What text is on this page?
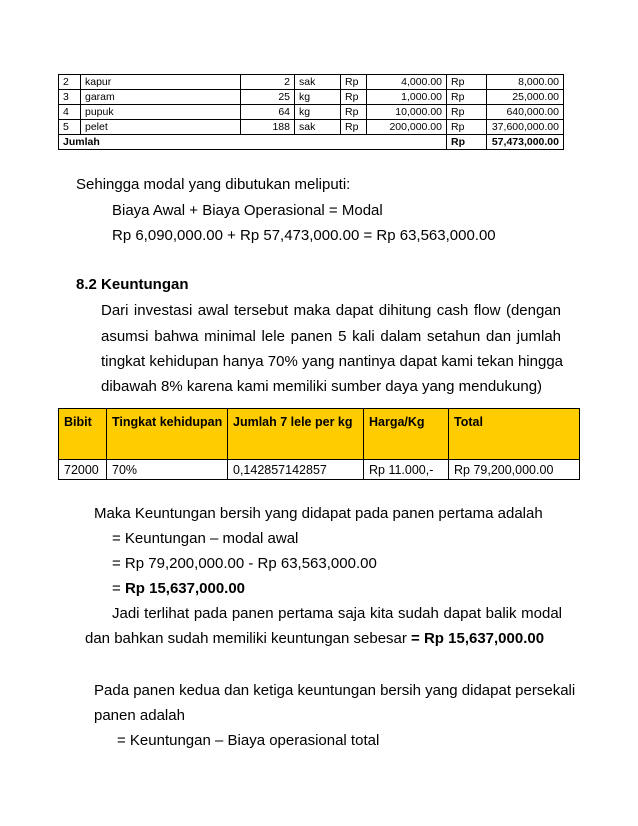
2	kapur	2	sak	Rp	4,000.00	Rp	8,000.00
3	garam	25	kg	Rp	1,000.00	Rp	25,000.00
4	pupuk	64	kg	Rp	10,000.00	Rp	640,000.00
5	pelet	188	sak	Rp	200,000.00	Rp	37,600,000.00
Jumlah						Rp	57,473,000.00
Sehingga modal yang dibutukan meliputi:
Biaya Awal + Biaya Operasional = Modal
Rp 6,090,000.00 + Rp 57,473,000.00 = Rp 63,563,000.00
8.2 Keuntungan
Dari investasi awal tersebut maka dapat dihitung cash flow (dengan
asumsi bahwa minimal lele panen 5 kali dalam setahun dan jumlah
tingkat kehidupan hanya 70% yang nantinya dapat kami tekan hingga
dibawah 8% karena kami memiliki sumber daya yang mendukung)
Bibit	Tingkat kehidupan	Jumlah 7 lele per kg	Harga/Kg	Total
72000	70%	0,142857142857	Rp 11.000,-	Rp 79,200,000.00
Maka Keuntungan bersih yang didapat pada panen pertama adalah
= Keuntungan – modal awal
= Rp 79,200,000.00 - Rp 63,563,000.00
= Rp 15,637,000.00
Jadi terlihat pada panen pertama saja kita sudah dapat balik modal
dan bahkan sudah memiliki keuntungan sebesar = Rp 15,637,000.00
Pada panen kedua dan ketiga keuntungan bersih yang didapat persekali
panen adalah
= Keuntungan – Biaya operasional total
